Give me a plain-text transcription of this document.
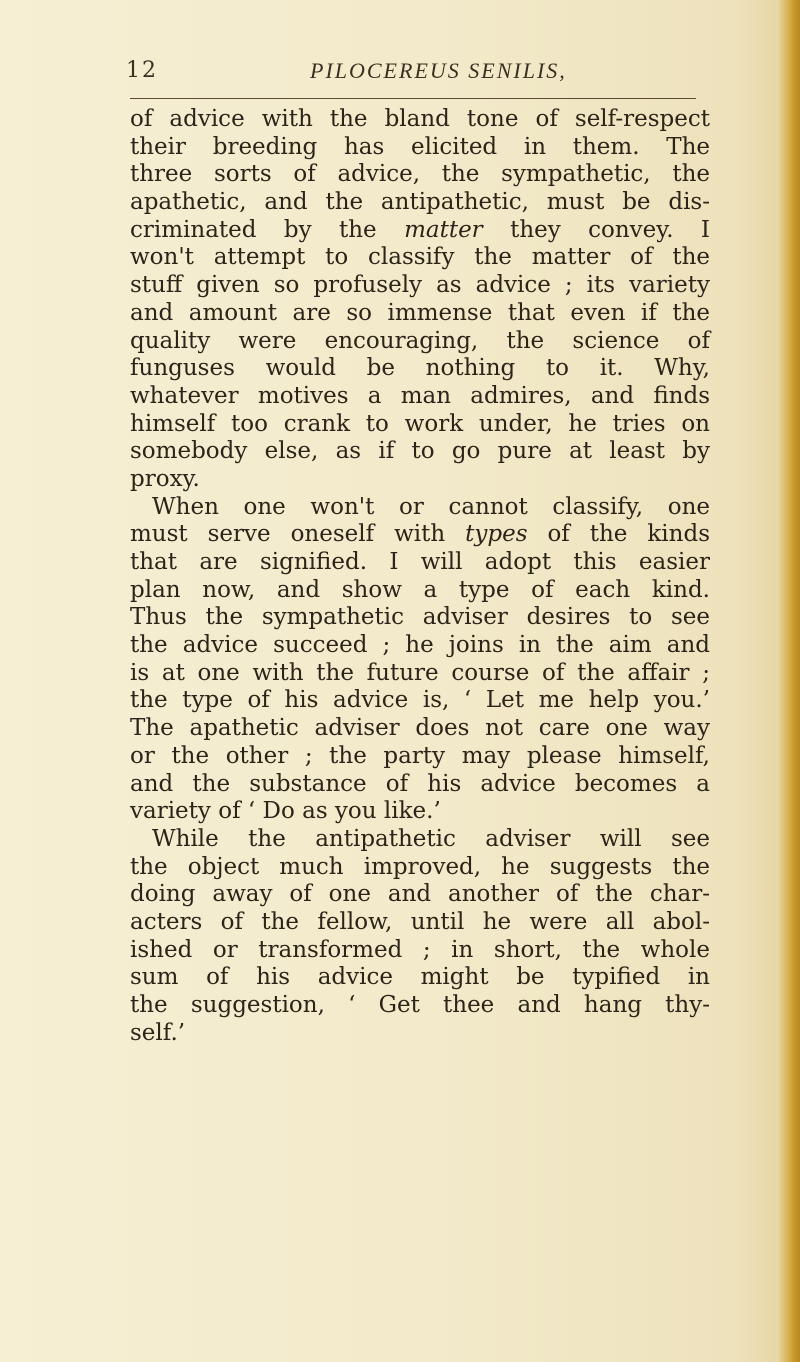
12	PILOCEREUS SENILIS,
of advice with the bland tone of self-respect
their breeding has elicited in them. The
three sorts of advice, the sympathetic, the
apathetic, and the antipathetic, must be dis-
criminated by the matter they convey. I
won't attempt to classify the matter of the
stuff given so profusely as advice ; its variety
and amount are so immense that even if the
quality were encouraging, the science of
funguses would be nothing to it. Why,
whatever motives a man admires, and finds
himself too crank to work under, he tries on
somebody else, as if to go pure at least by
proxy.
When one won't or cannot classify, one
must serve oneself with types of the kinds
that are signified. I will adopt this easier
plan now, and show a type of each kind.
Thus the sympathetic adviser desires to see
the advice succeed ; he joins in the aim and
is at one with the future course of the affair ;
the type of his advice is, ‘ Let me help you.’
The apathetic adviser does not care one way
or the other ; the party may please himself,
and the substance of his advice becomes a
variety of ‘ Do as you like.’
While the antipathetic adviser will see
the object much improved, he suggests the
doing away of one and another of the char-
acters of the fellow, until he were all abol-
ished or transformed ; in short, the whole
sum of his advice might be typified in
the suggestion, ‘ Get thee and hang thy-
self.’
